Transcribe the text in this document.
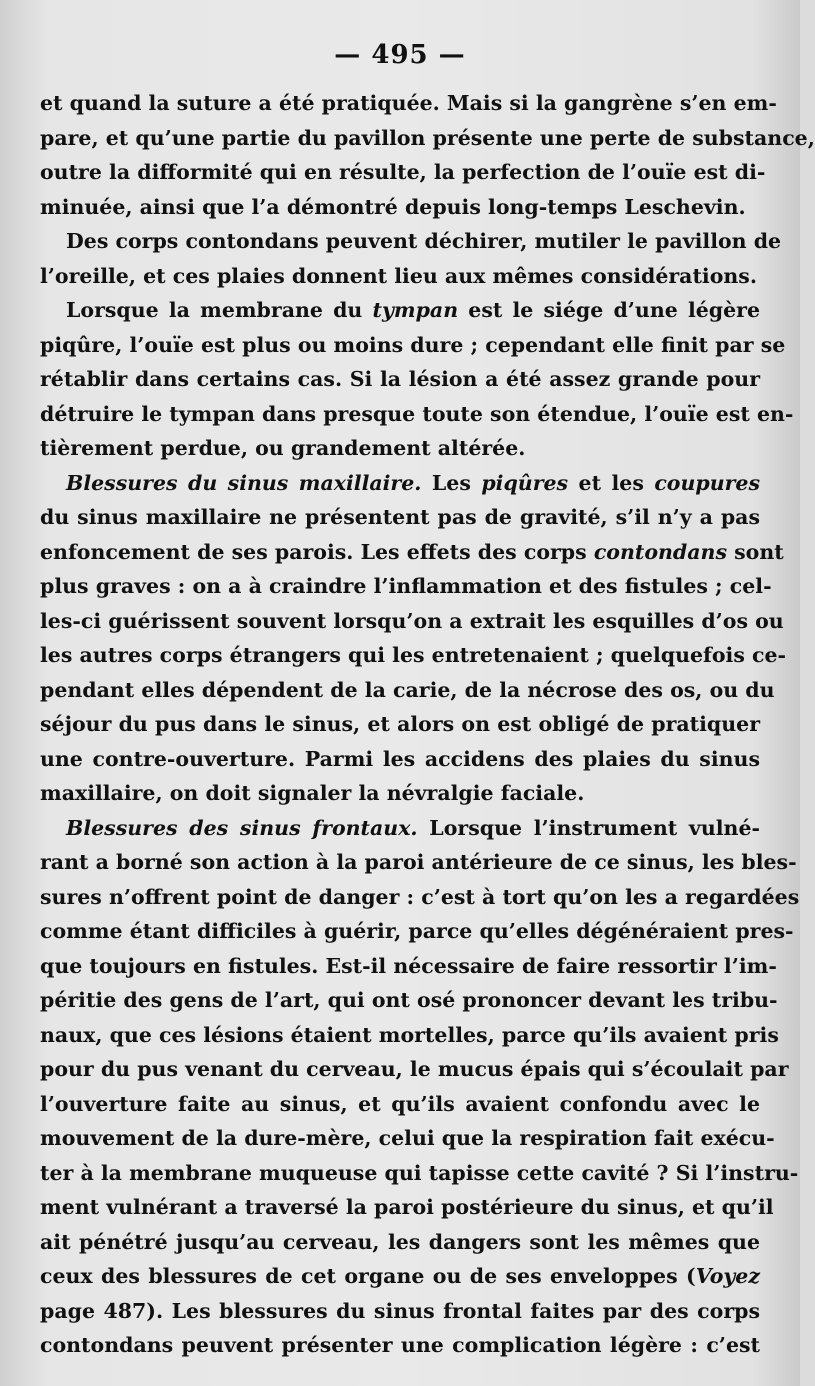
— 495 —
et quand la suture a été pratiquée. Mais si la gangrène s’en em-
pare, et qu’une partie du pavillon présente une perte de substance,
outre la difformité qui en résulte, la perfection de l’ouïe est di-
minuée, ainsi que l’a démontré depuis long-temps Leschevin.
Des corps contondans peuvent déchirer, mutiler le pavillon de
l’oreille, et ces plaies donnent lieu aux mêmes considérations.
Lorsque la membrane du tympan est le siége d’une légère
piqûre, l’ouïe est plus ou moins dure ; cependant elle finit par se
rétablir dans certains cas. Si la lésion a été assez grande pour
détruire le tympan dans presque toute son étendue, l’ouïe est en-
tièrement perdue, ou grandement altérée.
Blessures du sinus maxillaire. Les piqûres et les coupures
du sinus maxillaire ne présentent pas de gravité, s’il n’y a pas
enfoncement de ses parois. Les effets des corps contondans sont
plus graves : on a à craindre l’inflammation et des fistules ; cel-
les-ci guérissent souvent lorsqu’on a extrait les esquilles d’os ou
les autres corps étrangers qui les entretenaient ; quelquefois ce-
pendant elles dépendent de la carie, de la nécrose des os, ou du
séjour du pus dans le sinus, et alors on est obligé de pratiquer
une contre-ouverture. Parmi les accidens des plaies du sinus
maxillaire, on doit signaler la névralgie faciale.
Blessures des sinus frontaux. Lorsque l’instrument vulné-
rant a borné son action à la paroi antérieure de ce sinus, les bles-
sures n’offrent point de danger : c’est à tort qu’on les a regardées
comme étant difficiles à guérir, parce qu’elles dégénéraient pres-
que toujours en fistules. Est-il nécessaire de faire ressortir l’im-
péritie des gens de l’art, qui ont osé prononcer devant les tribu-
naux, que ces lésions étaient mortelles, parce qu’ils avaient pris
pour du pus venant du cerveau, le mucus épais qui s’écoulait par
l’ouverture faite au sinus, et qu’ils avaient confondu avec le
mouvement de la dure-mère, celui que la respiration fait exécu-
ter à la membrane muqueuse qui tapisse cette cavité ? Si l’instru-
ment vulnérant a traversé la paroi postérieure du sinus, et qu’il
ait pénétré jusqu’au cerveau, les dangers sont les mêmes que
ceux des blessures de cet organe ou de ses enveloppes (Voyez
page 487). Les blessures du sinus frontal faites par des corps
contondans peuvent présenter une complication légère : c’est
